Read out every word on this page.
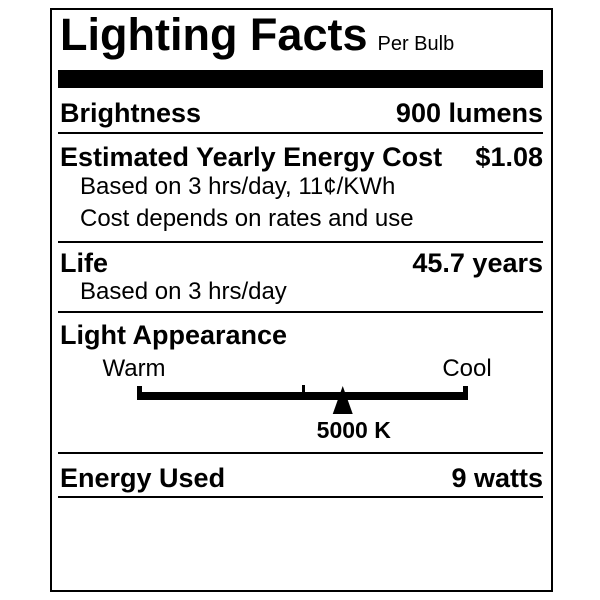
Lighting Facts Per Bulb
Brightness	900 lumens
Estimated Yearly Energy Cost $1.08
Based on 3 hrs/day, 11¢/KWh
Cost depends on rates and use
Life	45.7 years
Based on 3 hrs/day
Light Appearance
Warm	Cool
5000 K
Energy Used	9 watts
